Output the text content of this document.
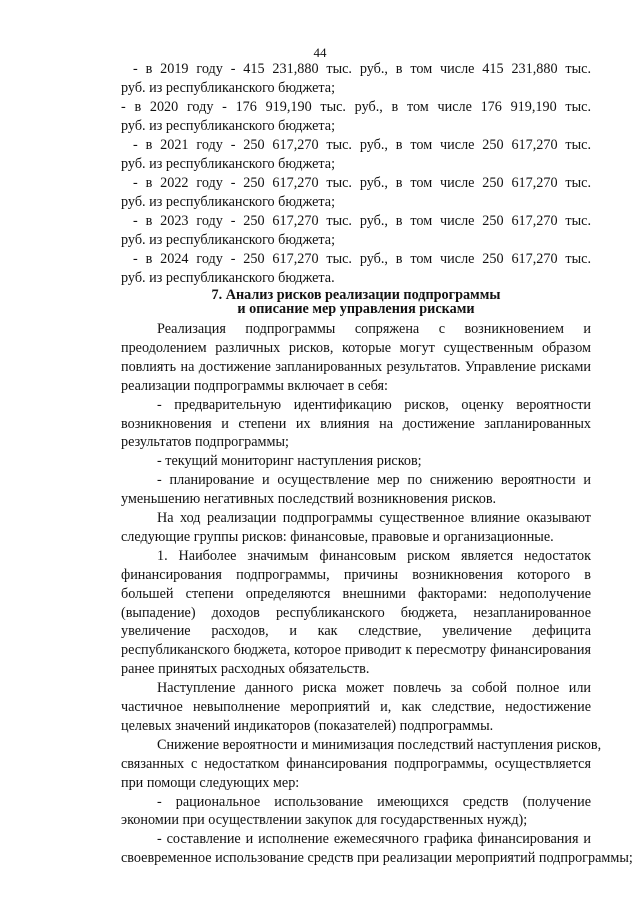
44
- в 2019 году - 415 231,880 тыс. руб., в том числе 415 231,880 тыс.
руб. из республиканского бюджета;
- в 2020 году - 176 919,190 тыс. руб., в том числе 176 919,190 тыс.
руб. из республиканского бюджета;
- в 2021 году - 250 617,270 тыс. руб., в том числе 250 617,270 тыс.
руб. из республиканского бюджета;
- в 2022 году - 250 617,270 тыс. руб., в том числе 250 617,270 тыс.
руб. из республиканского бюджета;
- в 2023 году - 250 617,270 тыс. руб., в том числе 250 617,270 тыс.
руб. из республиканского бюджета;
- в 2024 году - 250 617,270 тыс. руб., в том числе 250 617,270 тыс.
руб. из республиканского бюджета.
7. Анализ рисков реализации подпрограммы
и описание мер управления рисками
Реализация подпрограммы сопряжена с возникновением и
преодолением различных рисков, которые могут существенным образом
повлиять на достижение запланированных результатов. Управление рисками
реализации подпрограммы включает в себя:
- предварительную идентификацию рисков, оценку вероятности
возникновения и степени их влияния на достижение запланированных
результатов подпрограммы;
- текущий мониторинг наступления рисков;
- планирование и осуществление мер по снижению вероятности и
уменьшению негативных последствий возникновения рисков.
На ход реализации подпрограммы существенное влияние оказывают
следующие группы рисков: финансовые, правовые и организационные.
1. Наиболее значимым финансовым риском является недостаток
финансирования подпрограммы, причины возникновения которого в
большей степени определяются внешними факторами: недополучение
(выпадение) доходов республиканского бюджета, незапланированное
увеличение расходов, и как следствие, увеличение дефицита
республиканского бюджета, которое приводит к пересмотру финансирования
ранее принятых расходных обязательств.
Наступление данного риска может повлечь за собой полное или
частичное невыполнение мероприятий и, как следствие, недостижение
целевых значений индикаторов (показателей) подпрограммы.
Снижение вероятности и минимизация последствий наступления рисков,
связанных с недостатком финансирования подпрограммы, осуществляется
при помощи следующих мер:
- рациональное использование имеющихся средств (получение
экономии при осуществлении закупок для государственных нужд);
- составление и исполнение ежемесячного графика финансирования и
своевременное использование средств при реализации мероприятий подпрограммы;
